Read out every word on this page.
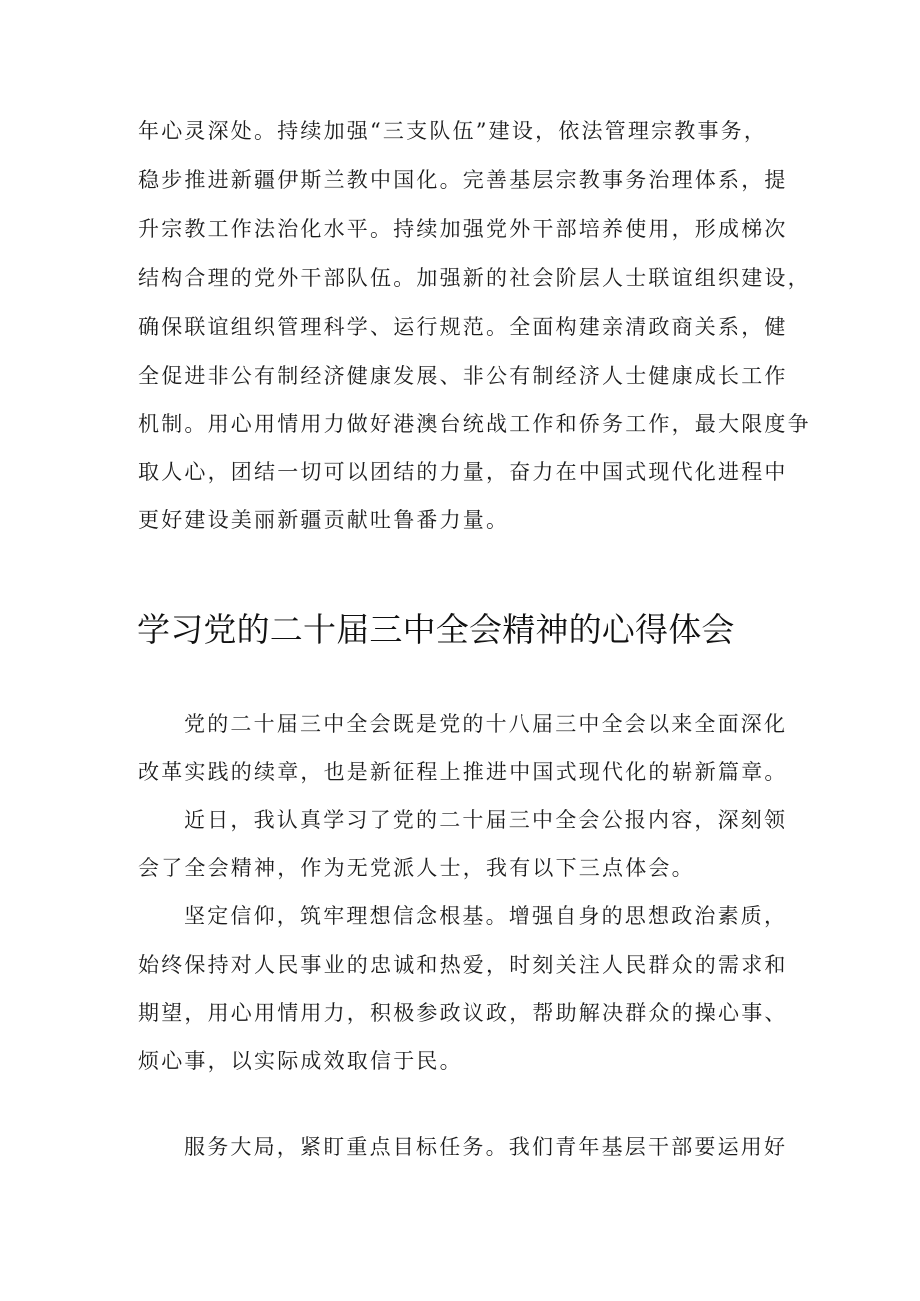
年心灵深处。持续加强“三支队伍”建设，依法管理宗教事务，
稳步推进新疆伊斯兰教中国化。完善基层宗教事务治理体系，提
升宗教工作法治化水平。持续加强党外干部培养使用，形成梯次
结构合理的党外干部队伍。加强新的社会阶层人士联谊组织建设，
确保联谊组织管理科学、运行规范。全面构建亲清政商关系，健
全促进非公有制经济健康发展、非公有制经济人士健康成长工作
机制。用心用情用力做好港澳台统战工作和侨务工作，最大限度争
取人心，团结一切可以团结的力量，奋力在中国式现代化进程中
更好建设美丽新疆贡献吐鲁番力量。
学习党的二十届三中全会精神的心得体会
党的二十届三中全会既是党的十八届三中全会以来全面深化
改革实践的续章，也是新征程上推进中国式现代化的崭新篇章。
近日，我认真学习了党的二十届三中全会公报内容，深刻领
会了全会精神，作为无党派人士，我有以下三点体会。
坚定信仰，筑牢理想信念根基。增强自身的思想政治素质，
始终保持对人民事业的忠诚和热爱，时刻关注人民群众的需求和
期望，用心用情用力，积极参政议政，帮助解决群众的操心事、
烦心事，以实际成效取信于民。
服务大局，紧盯重点目标任务。我们青年基层干部要运用好
